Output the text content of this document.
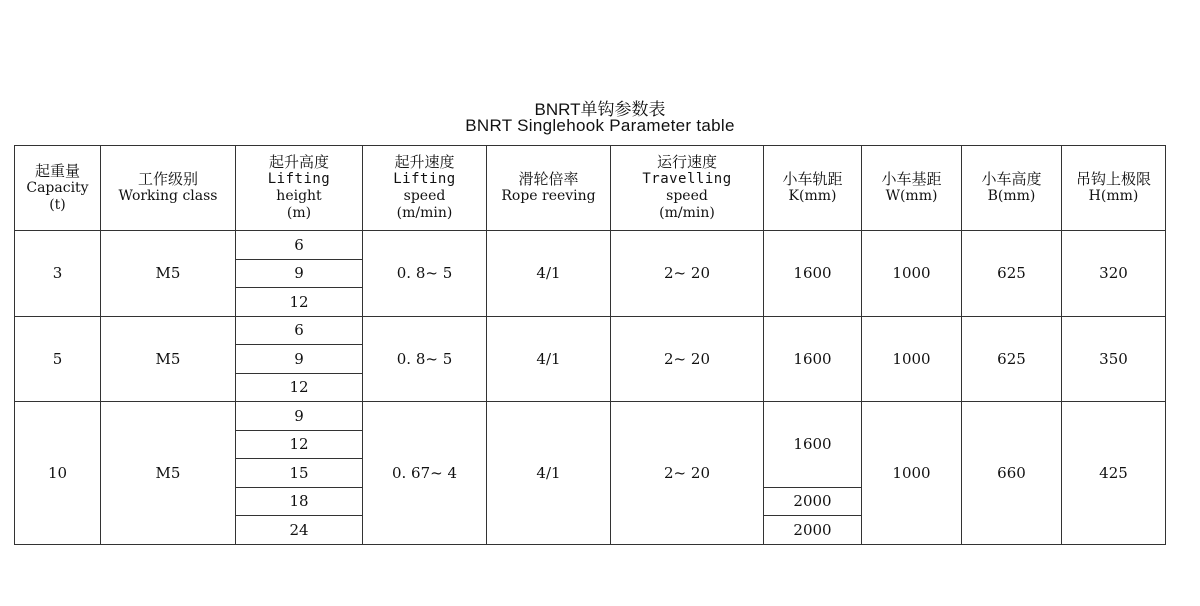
BNRT单钩参数表
BNRT Singlehook Parameter table
起重量
Capacity
(t)	工作级别
Working class	起升高度
Lifting
height
(m)	起升速度
Lifting
speed
(m/min)	滑轮倍率
Rope reeving	运行速度
Travelling
speed
(m/min)	小车轨距
K(mm)	小车基距
W(mm)	小车高度
B(mm)	吊钩上极限
H(mm)

3	M5	6	0. 8~ 5	4/1	2~ 20	1600	1000	625	320
		9							
		12							
5	M5	6	0. 8~ 5	4/1	2~ 20	1600	1000	625	350
		9							
		12							
10	M5	9	0. 67~ 4	4/1	2~ 20	1600	1000	660	425
		12							
		15							
		18				2000			
		24				2000			
